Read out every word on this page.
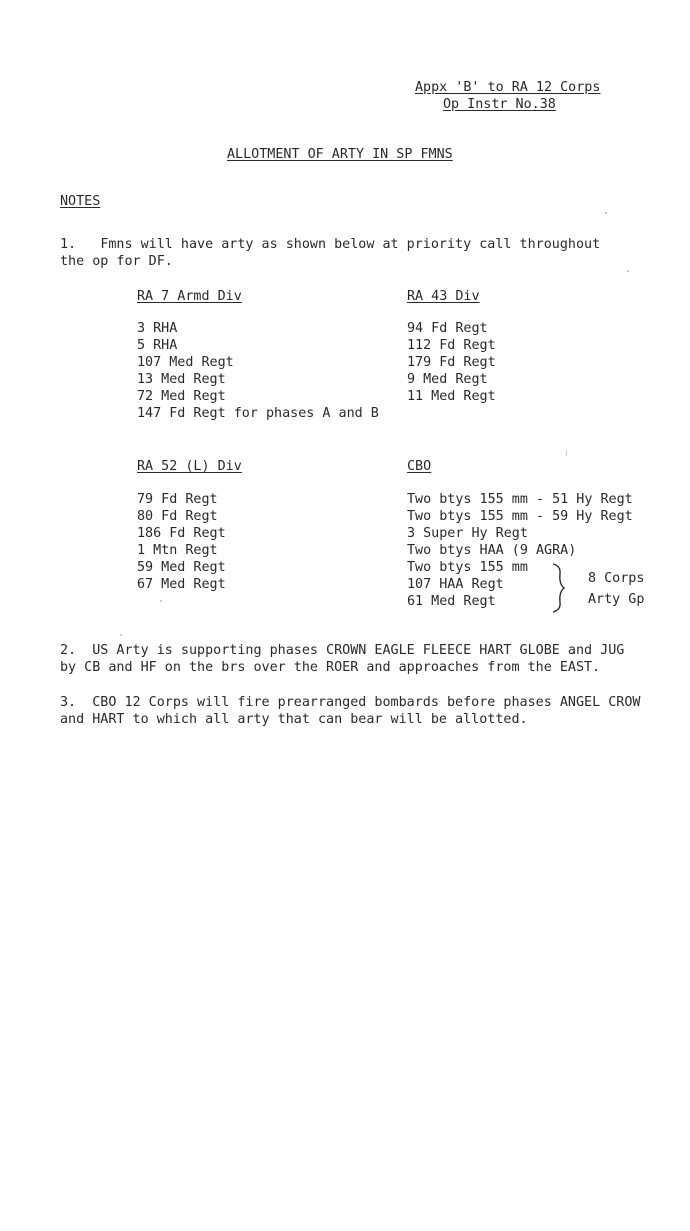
Appx 'B' to RA 12 Corps
Op Instr No.38
ALLOTMENT OF ARTY IN SP FMNS
NOTES
1. Fmns will have arty as shown below at priority call throughout
the op for DF.
RA 7 Armd Div
3 RHA
5 RHA
107 Med Regt
13 Med Regt
72 Med Regt
147 Fd Regt for phases A and B
RA 43 Div
94 Fd Regt
112 Fd Regt
179 Fd Regt
9 Med Regt
11 Med Regt
RA 52 (L) Div
79 Fd Regt
80 Fd Regt
186 Fd Regt
1 Mtn Regt
59 Med Regt
67 Med Regt
CBO
Two btys 155 mm - 51 Hy Regt
Two btys 155 mm - 59 Hy Regt
3 Super Hy Regt
Two btys HAA (9 AGRA)
Two btys 155 mm
107 HAA Regt
61 Med Regt
8 Corps
Arty Gp
2. US Arty is supporting phases CROWN EAGLE FLEECE HART GLOBE and JUG
by CB and HF on the brs over the ROER and approaches from the EAST.
3. CBO 12 Corps will fire prearranged bombards before phases ANGEL CROW
and HART to which all arty that can bear will be allotted.
